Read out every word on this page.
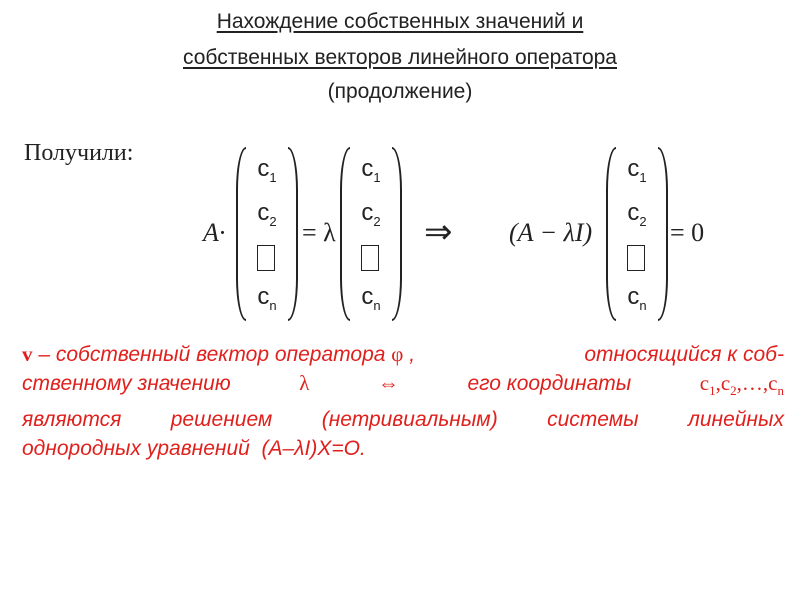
Нахождение собственных значений и
собственных векторов линейного оператора
(продолжение)
Получили:
A·
$c_1$
$c_2$
$c_n$
= λ
$c_1$
$c_2$
$c_n$
⇒ (A − λI)
$c_1$
$c_2$
$c_n$
= 0
v – собственный вектор оператора φ ,	относящийся к соб-
ственному значению	λ	⇔	его координаты	$c_1,c_2,\dots,c_n$
являются решением (нетривиальным) системы линейных
однородных уравнений  (A–λI)X=O.
